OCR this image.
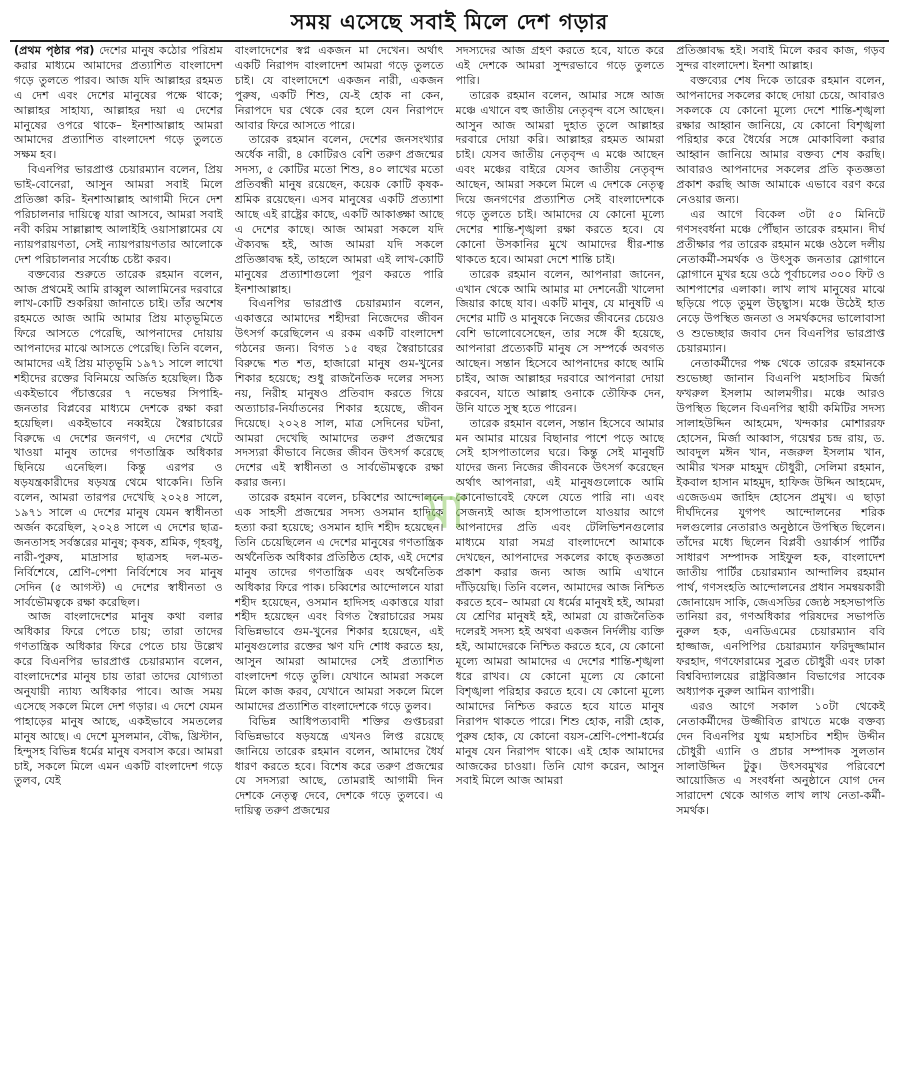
সময় এসেছে সবাই মিলে দেশ গড়ার

(প্রথম পৃষ্ঠার পর) দেশের মানুষ কঠোর পরিশ্রম করার মাধ্যমে আমাদের প্রত্যাশিত বাংলাদেশ গড়ে তুলতে পারব। আজ যদি আল্লাহর রহমত এ দেশ এবং দেশের মানুষের পক্ষে থাকে; আল্লাহর সাহায্য, আল্লাহর দয়া এ দেশের মানুষের ওপরে থাকে– ইনশাআল্লাহ আমরা আমাদের প্রত্যাশিত বাংলাদেশ গড়ে তুলতে সক্ষম হব।

বিএনপির ভারপ্রাপ্ত চেয়ারম্যান বলেন, প্রিয় ভাই-বোনেরা, আসুন আমরা সবাই মিলে প্রতিজ্ঞা করি- ইনশাআল্লাহ আগামী দিনে দেশ পরিচালনার দায়িত্বে যারা আসবে, আমরা সবাই নবী করিম সাল্লাল্লাহু আলাইহি ওয়াসাল্লামের যে ন্যায়পরায়ণতা, সেই ন্যায়পরায়ণতার আলোকে দেশ পরিচালনার সর্বোচ্চ চেষ্টা করব।

বক্তব্যের শুরুতে তারেক রহমান বলেন, আজ প্রথমেই আমি রাব্বুল আলামিনের দরবারে লাখ-কোটি শুকরিয়া জানাতে চাই। তাঁর অশেষ রহমতে আজ আমি আমার প্রিয় মাতৃভূমিতে ফিরে আসতে পেরেছি, আপনাদের দোয়ায় আপনাদের মাঝে আসতে পেরেছি। তিনি বলেন, আমাদের এই প্রিয় মাতৃভূমি ১৯৭১ সালে লাখো শহীদের রক্তের বিনিময়ে অর্জিত হয়েছিল। ঠিক একইভাবে পঁচাত্তরের ৭ নভেম্বর সিপাহি-জনতার বিপ্লবের মাধ্যমে দেশকে রক্ষা করা হয়েছিল। একইভাবে নব্বইয়ে স্বৈরাচারের বিরুদ্ধে এ দেশের জনগণ, এ দেশের খেটে খাওয়া মানুষ তাদের গণতান্ত্রিক অধিকার ছিনিয়ে এনেছিল। কিন্তু এরপর ও ষড়যন্ত্রকারীদের ষড়যন্ত্র থেমে থাকেনি। তিনি বলেন, আমরা তারপর দেখেছি ২০২৪ সালে, ১৯৭১ সালে এ দেশের মানুষ যেমন স্বাধীনতা অর্জন করেছিল, ২০২৪ সালে এ দেশের ছাত্র-জনতাসহ সর্বস্তরের মানুষ; কৃষক, শ্রমিক, গৃহবধূ, নারী-পুরুষ, মাদ্রাসার ছাত্রসহ দল-মত-নির্বিশেষে, শ্রেণি-পেশা নির্বিশেষে সব মানুষ সেদিন (৫ আগস্ট) এ দেশের স্বাধীনতা ও সার্বভৌমত্বকে রক্ষা করেছিল।

আজ বাংলাদেশের মানুষ কথা বলার অধিকার ফিরে পেতে চায়; তারা তাদের গণতান্ত্রিক অধিকার ফিরে পেতে চায় উল্লেখ করে বিএনপির ভারপ্রাপ্ত চেয়ারম্যান বলেন, বাংলাদেশের মানুষ চায় তারা তাদের যোগ্যতা অনুযায়ী ন্যায্য অধিকার পাবে। আজ সময় এসেছে সকলে মিলে দেশ গড়ার। এ দেশে যেমন পাহাড়ের মানুষ আছে, একইভাবে সমতলের মানুষ আছে। এ দেশে মুসলমান, বৌদ্ধ, খ্রিস্টান, হিন্দুসহ বিভিন্ন ধর্মের মানুষ বসবাস করে। আমরা চাই, সকলে মিলে এমন একটি বাংলাদেশ গড়ে তুলব, যেই

বাংলাদেশের স্বপ্ন একজন মা দেখেন। অর্থাৎ একটি নিরাপদ বাংলাদেশ আমরা গড়ে তুলতে চাই। যে বাংলাদেশে একজন নারী, একজন পুরুষ, একটি শিশু, যে-ই হোক না কেন, নিরাপদে ঘর থেকে বের হলে যেন নিরাপদে আবার ফিরে আসতে পারে।

তারেক রহমান বলেন, দেশের জনসংখ্যার অর্ধেক নারী, ৪ কোটিরও বেশি তরুণ প্রজন্মের সদস্য, ৫ কোটির মতো শিশু, ৪০ লাখের মতো প্রতিবন্ধী মানুষ রয়েছেন, কয়েক কোটি কৃষক-শ্রমিক রয়েছেন। এসব মানুষের একটি প্রত্যাশা আছে এই রাষ্ট্রের কাছে, একটি আকাঙ্ক্ষা আছে এ দেশের কাছে। আজ আমরা সকলে যদি ঐক্যবদ্ধ হই, আজ আমরা যদি সকলে প্রতিজ্ঞাবদ্ধ হই, তাহলে আমরা এই লাখ-কোটি মানুষের প্রত্যাশাগুলো পূরণ করতে পারি ইনশাআল্লাহ।

বিএনপির ভারপ্রাপ্ত চেয়ারম্যান বলেন, একাত্তরে আমাদের শহীদরা নিজেদের জীবন উৎসর্গ করেছিলেন এ রকম একটি বাংলাদেশ গঠনের জন্য। বিগত ১৫ বছর স্বৈরাচারের বিরুদ্ধে শত শত, হাজারো মানুষ গুম-খুনের শিকার হয়েছে; শুধু রাজনৈতিক দলের সদস্য নয়, নিরীহ মানুষও প্রতিবাদ করতে গিয়ে অত্যাচার-নির্যাতনের শিকার হয়েছে, জীবন দিয়েছে। ২০২৪ সাল, মাত্র সেদিনের ঘটনা, আমরা দেখেছি আমাদের তরুণ প্রজন্মের সদস্যরা কীভাবে নিজের জীবন উৎসর্গ করেছে দেশের এই স্বাধীনতা ও সার্বভৌমত্বকে রক্ষা করার জন্য।

তারেক রহমান বলেন, চব্বিশের আন্দোলনে এক সাহসী প্রজন্মের সদস্য ওসমান হাদিকে হত্যা করা হয়েছে; ওসমান হাদি শহীদ হয়েছেন। তিনি চেয়েছিলেন এ দেশের মানুষের গণতান্ত্রিক অর্থনৈতিক অধিকার প্রতিষ্ঠিত হোক, এই দেশের মানুষ তাদের গণতান্ত্রিক এবং অর্থনৈতিক অধিকার ফিরে পাক। চব্বিশের আন্দোলনে যারা শহীদ হয়েছেন, ওসমান হাদিসহ একাত্তরে যারা শহীদ হয়েছেন এবং বিগত স্বৈরাচারের সময় বিভিন্নভাবে গুম-খুনের শিকার হয়েছেন, এই মানুষগুলোর রক্তের ঋণ যদি শোধ করতে হয়, আসুন আমরা আমাদের সেই প্রত্যাশিত বাংলাদেশ গড়ে তুলি। যেখানে আমরা সকলে মিলে কাজ করব, যেখানে আমরা সকলে মিলে আমাদের প্রত্যাশিত বাংলাদেশকে গড়ে তুলব।

বিভিন্ন আধিপত্যবাদী শক্তির গুপ্তচররা বিভিন্নভাবে ষড়যন্ত্রে এখনও লিপ্ত রয়েছে জানিয়ে তারেক রহমান বলেন, আমাদের ধৈর্য ধারণ করতে হবে। বিশেষ করে তরুণ প্রজন্মের যে সদস্যরা আছে, তোমরাই আগামী দিন দেশকে নেতৃত্ব দেবে, দেশকে গড়ে তুলবে। এ দায়িত্ব তরুণ প্রজন্মের

সদস্যদের আজ গ্রহণ করতে হবে, যাতে করে এই দেশকে আমরা সুন্দরভাবে গড়ে তুলতে পারি।

তারেক রহমান বলেন, আমার সঙ্গে আজ মঞ্চে এখানে বহু জাতীয় নেতৃবৃন্দ বসে আছেন। আসুন আজ আমরা দুহাত তুলে আল্লাহর দরবারে দোয়া করি। আল্লাহর রহমত আমরা চাই। যেসব জাতীয় নেতৃবৃন্দ এ মঞ্চে আছেন এবং মঞ্চের বাইরে যেসব জাতীয় নেতৃবৃন্দ আছেন, আমরা সকলে মিলে এ দেশকে নেতৃত্ব দিয়ে জনগণের প্রত্যাশিত সেই বাংলাদেশকে গড়ে তুলতে চাই। আমাদের যে কোনো মূল্যে দেশের শান্তি-শৃঙ্খলা রক্ষা করতে হবে। যে কোনো উসকানির মুখে আমাদের ধীর-শান্ত থাকতে হবে। আমরা দেশে শান্তি চাই।

তারেক রহমান বলেন, আপনারা জানেন, এখান থেকে আমি আমার মা দেশনেত্রী খালেদা জিয়ার কাছে যাব। একটি মানুষ, যে মানুষটি এ দেশের মাটি ও মানুষকে নিজের জীবনের চেয়েও বেশি ভালোবেসেছেন, তার সঙ্গে কী হয়েছে, আপনারা প্রত্যেকটি মানুষ সে সম্পর্কে অবগত আছেন। সন্তান হিসেবে আপনাদের কাছে আমি চাইব, আজ আল্লাহর দরবারে আপনারা দোয়া করবেন, যাতে আল্লাহ ওনাকে তৌফিক দেন, উনি যাতে সুস্থ হতে পারেন।

তারেক রহমান বলেন, সন্তান হিসেবে আমার মন আমার মায়ের বিছানার পাশে পড়ে আছে সেই হাসপাতালের ঘরে। কিন্তু সেই মানুষটি যাদের জন্য নিজের জীবনকে উৎসর্গ করেছেন অর্থাৎ আপনারা, এই মানুষগুলোকে আমি কোনোভাবেই ফেলে যেতে পারি না। এবং সেজন্যই আজ হাসপাতালে যাওয়ার আগে আপনাদের প্রতি এবং টেলিভিশনগুলোর মাধ্যমে যারা সমগ্র বাংলাদেশে আমাকে দেখছেন, আপনাদের সকলের কাছে কৃতজ্ঞতা প্রকাশ করার জন্য আজ আমি এখানে দাঁড়িয়েছি। তিনি বলেন, আমাদের আজ নিশ্চিত করতে হবে– আমরা যে ধর্মের মানুষই হই, আমরা যে শ্রেণির মানুষই হই, আমরা যে রাজনৈতিক দলেরই সদস্য হই অথবা একজন নির্দলীয় ব্যক্তি হই, আমাদেরকে নিশ্চিত করতে হবে, যে কোনো মূল্যে আমরা আমাদের এ দেশের শান্তি-শৃঙ্খলা ধরে রাখব। যে কোনো মূল্যে যে কোনো বিশৃঙ্খলা পরিহার করতে হবে। যে কোনো মূল্যে আমাদের নিশ্চিত করতে হবে যাতে মানুষ নিরাপদ থাকতে পারে। শিশু হোক, নারী হোক, পুরুষ হোক, যে কোনো বয়স-শ্রেণি-পেশা-ধর্মের মানুষ যেন নিরাপদ থাকে। এই হোক আমাদের আজকের চাওয়া। তিনি যোগ করেন, আসুন সবাই মিলে আজ আমরা

প্রতিজ্ঞাবদ্ধ হই। সবাই মিলে করব কাজ, গড়ব সুন্দর বাংলাদেশ। ইনশা আল্লাহ।

বক্তব্যের শেষ দিকে তারেক রহমান বলেন, আপনাদের সকলের কাছে দোয়া চেয়ে, আবারও সকলকে যে কোনো মূল্যে দেশে শান্তি-শৃঙ্খলা রক্ষার আহ্বান জানিয়ে, যে কোনো বিশৃঙ্খলা পরিহার করে ধৈর্যের সঙ্গে মোকাবিলা করার আহ্বান জানিয়ে আমার বক্তব্য শেষ করছি। আবারও আপনাদের সকলের প্রতি কৃতজ্ঞতা প্রকাশ করছি আজ আমাকে এভাবে বরণ করে নেওয়ার জন্য।

এর আগে বিকেল ৩টা ৫০ মিনিটে গণসংবর্ধনা মঞ্চে পৌঁছান তারেক রহমান। দীর্ঘ প্রতীক্ষার পর তারেক রহমান মঞ্চে ওঠলে দলীয় নেতাকর্মী-সমর্থক ও উৎসুক জনতার স্লোগানে স্লোগানে মুখর হয়ে ওঠে পূর্বাচলের ৩০০ ফিট ও আশপাশের এলাকা। লাখ লাখ মানুষের মাঝে ছড়িয়ে পড়ে তুমুল উচ্ছ্বাস। মঞ্চে উঠেই হাত নেড়ে উপস্থিত জনতা ও সমর্থকদের ভালোবাসা ও শুভেচ্ছার জবাব দেন বিএনপির ভারপ্রাপ্ত চেয়ারম্যান।

নেতাকর্মীদের পক্ষ থেকে তারেক রহমানকে শুভেচ্ছা জানান বিএনপি মহাসচিব মির্জা ফখরুল ইসলাম আলমগীর। মঞ্চে আরও উপস্থিত ছিলেন বিএনপির স্থায়ী কমিটির সদস্য সালাহউদ্দিন আহমেদ, খন্দকার মোশাররফ হোসেন, মির্জা আব্বাস, গয়েশ্বর চন্দ্র রায়, ড. আবদুল মঈন খান, নজরুল ইসলাম খান, আমীর খসরু মাহমুদ চৌধুরী, সেলিমা রহমান, ইকবাল হাসান মাহমুদ, হাফিজ উদ্দিন আহমেদ, এজেডএম জাহিদ হোসেন প্রমুখ। এ ছাড়া দীর্ঘদিনের যুগপৎ আন্দোলনের শরিক দলগুলোর নেতারাও অনুষ্ঠানে উপস্থিত ছিলেন। তাঁদের মধ্যে ছিলেন বিপ্লবী ওয়ার্কার্স পার্টির সাধারণ সম্পাদক সাইফুল হক, বাংলাদেশ জাতীয় পার্টির চেয়ারম্যান আন্দালিব রহমান পার্থ, গণসংহতি আন্দোলনের প্রধান সমন্বয়কারী জোনায়েদ সাকি, জেএসডির জ্যেষ্ঠ সহসভাপতি তানিয়া রব, গণঅধিকার পরিষদের সভাপতি নুরুল হক, এনডিএমের চেয়ারম্যান ববি হাজ্জাজ, এনপিপির চেয়ারম্যান ফরিদুজ্জামান ফরহাদ, গণফোরামের সুব্রত চৌধুরী এবং ঢাকা বিশ্ববিদ্যালয়ের রাষ্ট্রবিজ্ঞান বিভাগের সাবেক অধ্যাপক নুরুল আমিন ব্যাপারী।

এরও আগে সকাল ১০টা থেকেই নেতাকর্মীদের উজ্জীবিত রাখতে মঞ্চে বক্তব্য দেন বিএনপির যুগ্ম মহাসচিব শহীদ উদ্দীন চৌধুরী এ্যানি ও প্রচার সম্পাদক সুলতান সালাউদ্দিন টুকু। উৎসবমুখর পরিবেশে আয়োজিত এ সংবর্ধনা অনুষ্ঠানে যোগ দেন সারাদেশ থেকে আগত লাখ লাখ নেতা-কর্মী-সমর্থক।

মা
